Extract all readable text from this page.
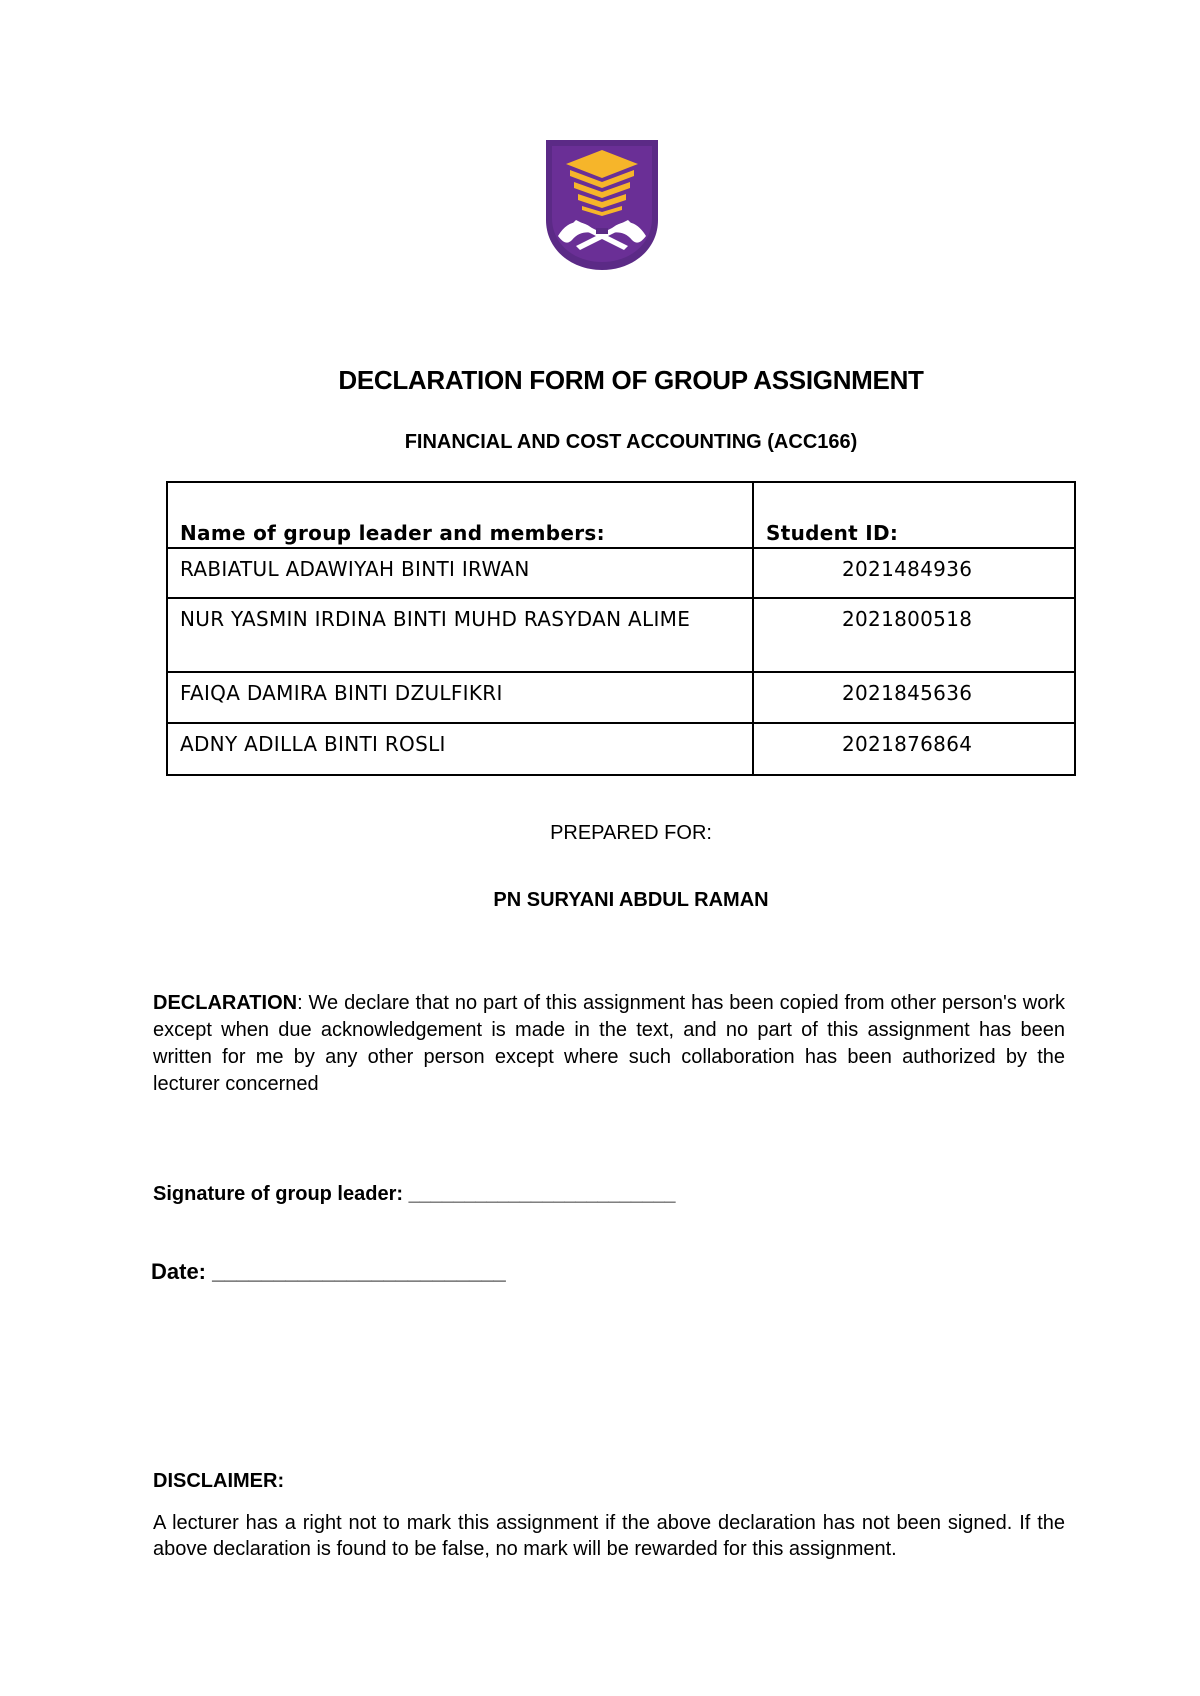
DECLARATION FORM OF GROUP ASSIGNMENT
FINANCIAL AND COST ACCOUNTING (ACC166)
Name of group leader and members:	Student ID:
RABIATUL ADAWIYAH BINTI IRWAN	2021484936
NUR YASMIN IRDINA BINTI MUHD RASYDAN ALIME	2021800518
FAIQA DAMIRA BINTI DZULFIKRI	2021845636
ADNY ADILLA BINTI ROSLI	2021876864
PREPARED FOR:
PN SURYANI ABDUL RAMAN
DECLARATION: We declare that no part of this assignment has been copied from other person's work except when due acknowledgement is made in the text, and no part of this assignment has been written for me by any other person except where such collaboration has been authorized by the lecturer concerned
Signature of group leader: ________________________
Date: ________________________
DISCLAIMER:
A lecturer has a right not to mark this assignment if the above declaration has not been signed. If the above declaration is found to be false, no mark will be rewarded for this assignment.
